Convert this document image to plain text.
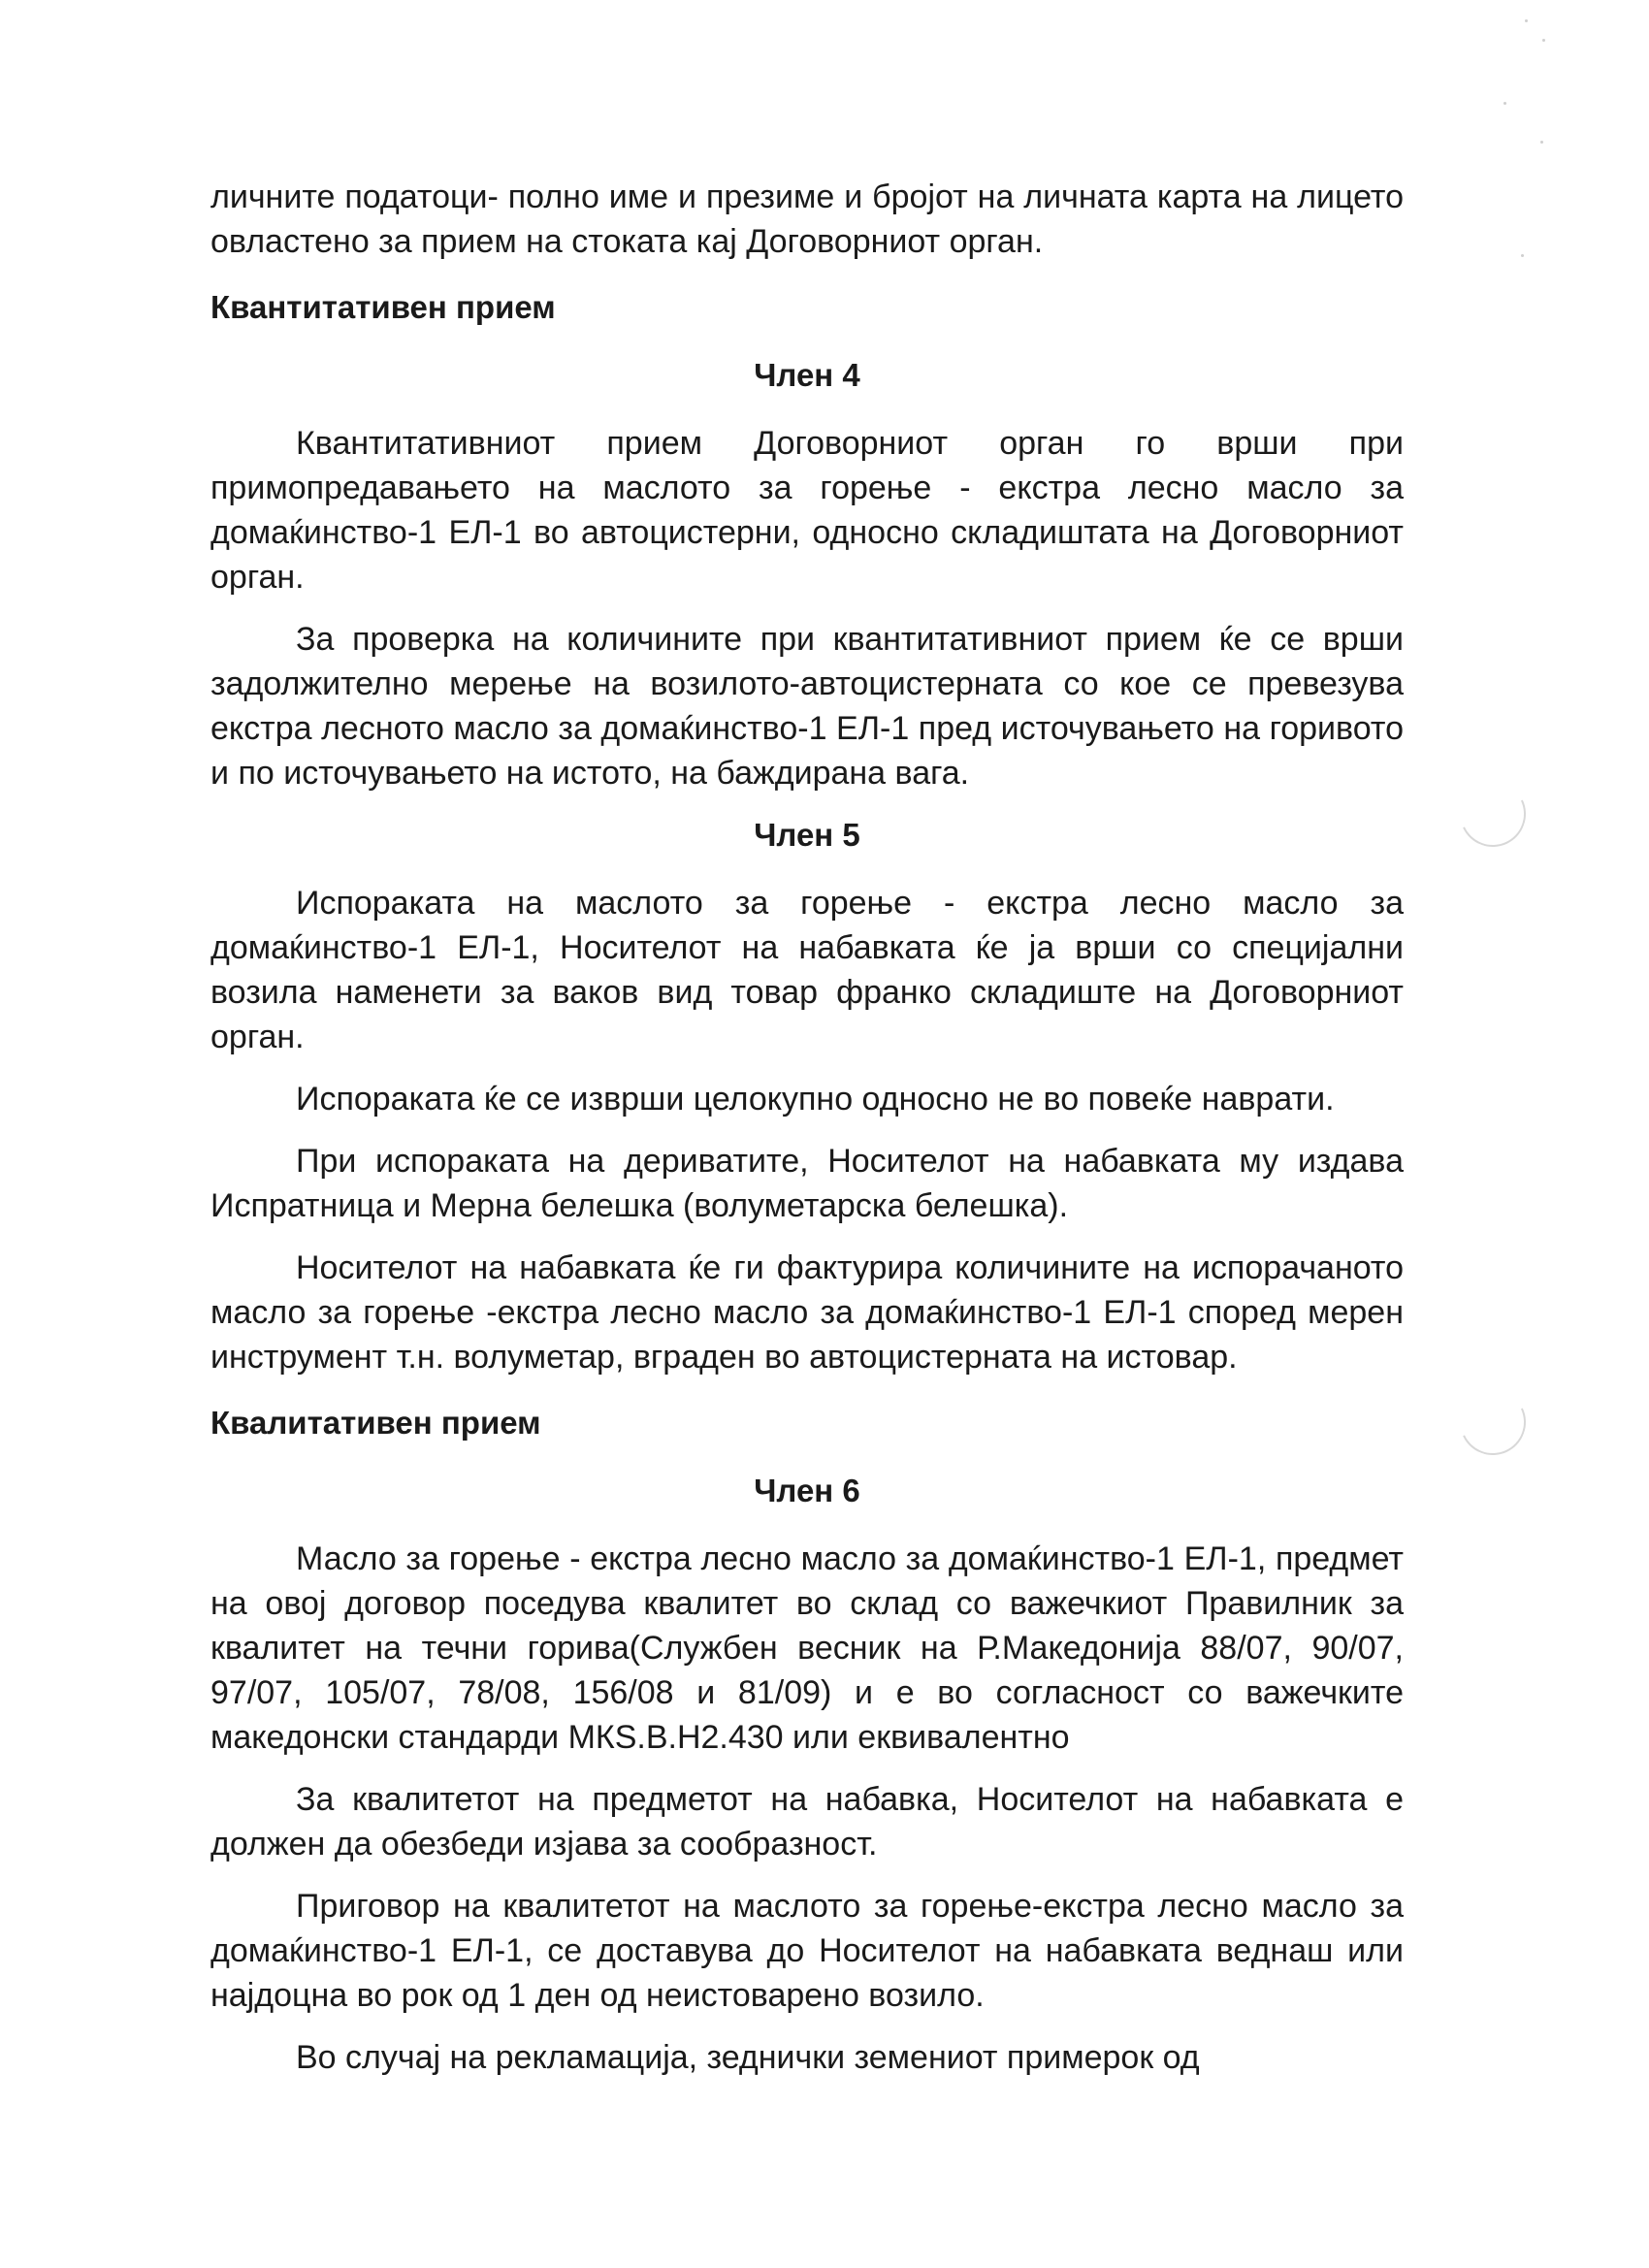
личните податоци- полно име и презиме и бројот на личната карта на лицето овластено за прием на стоката кај Договорниот орган.

Квантитативен прием
Член 4

Квантитативниот прием Договорниот орган го врши при примопредавањето на маслото за горење - екстра лесно масло за домаќинство-1 ЕЛ-1 во автоцистерни, односно складиштата на Договорниот орган.

За проверка на количините при квантитативниот прием ќе се врши задолжително мерење на возилото-автоцистерната со кое се превезува екстра лесното масло за домаќинство-1 ЕЛ-1 пред источувањето на горивото и по источувањето на истото, на баждирана вага.

Член 5

Испораката на маслото за горење - екстра лесно масло за домаќинство-1 ЕЛ-1, Носителот на набавката ќе ја врши со специјални возила наменети за ваков вид товар франко складиште на Договорниот орган.

Испораката ќе се изврши целокупно односно не во повеќе наврати.

При испораката на дериватите, Носителот на набавката му издава Испратница и Мерна белешка (волуметарска белешка).

Носителот на набавката ќе ги фактурира количините на испорачаното масло за горење -екстра лесно масло за домаќинство-1 ЕЛ-1 според мерен инструмент т.н. волуметар, вграден во автоцистерната на истовар.

Квалитативен прием
Член 6

Масло за горење - екстра лесно масло за домаќинство-1 ЕЛ-1, предмет на овој договор поседува квалитет во склад со важечкиот Правилник за квалитет на течни горива(Службен весник на Р.Македонија 88/07, 90/07, 97/07, 105/07, 78/08, 156/08 и 81/09) и е во согласност со важечките македонски стандарди МКЅ.В.Н2.430 или еквивалентно

За квалитетот на предметот на набавка, Носителот на набавката е должен да обезбеди изјава за сообразност.

Приговор на квалитетот на маслото за горење-екстра лесно масло за домаќинство-1 ЕЛ-1, се доставува до Носителот на набавката веднаш или најдоцна во рок од 1 ден од неистоварено возило.

Во случај на рекламација, зеднички земениот примерок од
